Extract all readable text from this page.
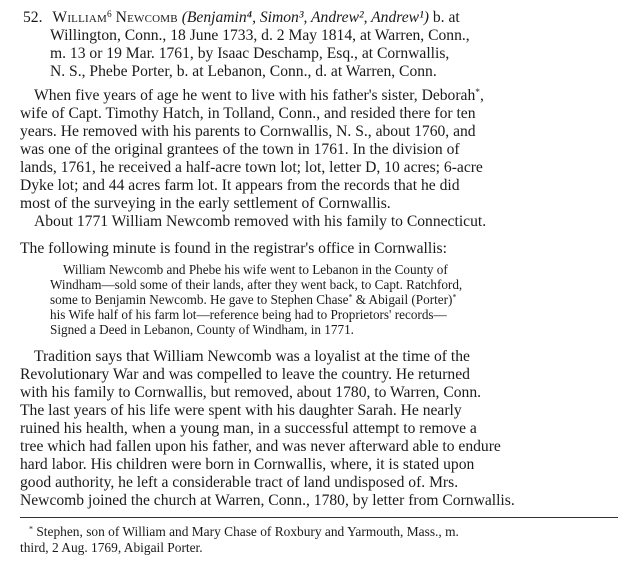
52. William$^6$ Newcomb (Benjamin⁴, Simon³, Andrew², Andrew¹) b. at
Willington, Conn., 18 June 1733, d. 2 May 1814, at Warren, Conn.,
m. 13 or 19 Mar. 1761, by Isaac Deschamp, Esq., at Cornwallis,
N. S., Phebe Porter, b. at Lebanon, Conn., d. at Warren, Conn.
When five years of age he went to live with his father's sister, Deborah*,
wife of Capt. Timothy Hatch, in Tolland, Conn., and resided there for ten
years. He removed with his parents to Cornwallis, N. S., about 1760, and
was one of the original grantees of the town in 1761. In the division of
lands, 1761, he received a half-acre town lot; lot, letter D, 10 acres; 6-acre
Dyke lot; and 44 acres farm lot. It appears from the records that he did
most of the surveying in the early settlement of Cornwallis.
About 1771 William Newcomb removed with his family to Connecticut.
The following minute is found in the registrar's office in Cornwallis:
William Newcomb and Phebe his wife went to Lebanon in the County of
Windham—sold some of their lands, after they went back, to Capt. Ratchford,
some to Benjamin Newcomb. He gave to Stephen Chase* & Abigail (Porter)*
his Wife half of his farm lot—reference being had to Proprietors' records—
Signed a Deed in Lebanon, County of Windham, in 1771.
Tradition says that William Newcomb was a loyalist at the time of the
Revolutionary War and was compelled to leave the country. He returned
with his family to Cornwallis, but removed, about 1780, to Warren, Conn.
The last years of his life were spent with his daughter Sarah. He nearly
ruined his health, when a young man, in a successful attempt to remove a
tree which had fallen upon his father, and was never afterward able to endure
hard labor. His children were born in Cornwallis, where, it is stated upon
good authority, he left a considerable tract of land undisposed of. Mrs.
Newcomb joined the church at Warren, Conn., 1780, by letter from Cornwallis.
* Stephen, son of William and Mary Chase of Roxbury and Yarmouth, Mass., m.
third, 2 Aug. 1769, Abigail Porter.
